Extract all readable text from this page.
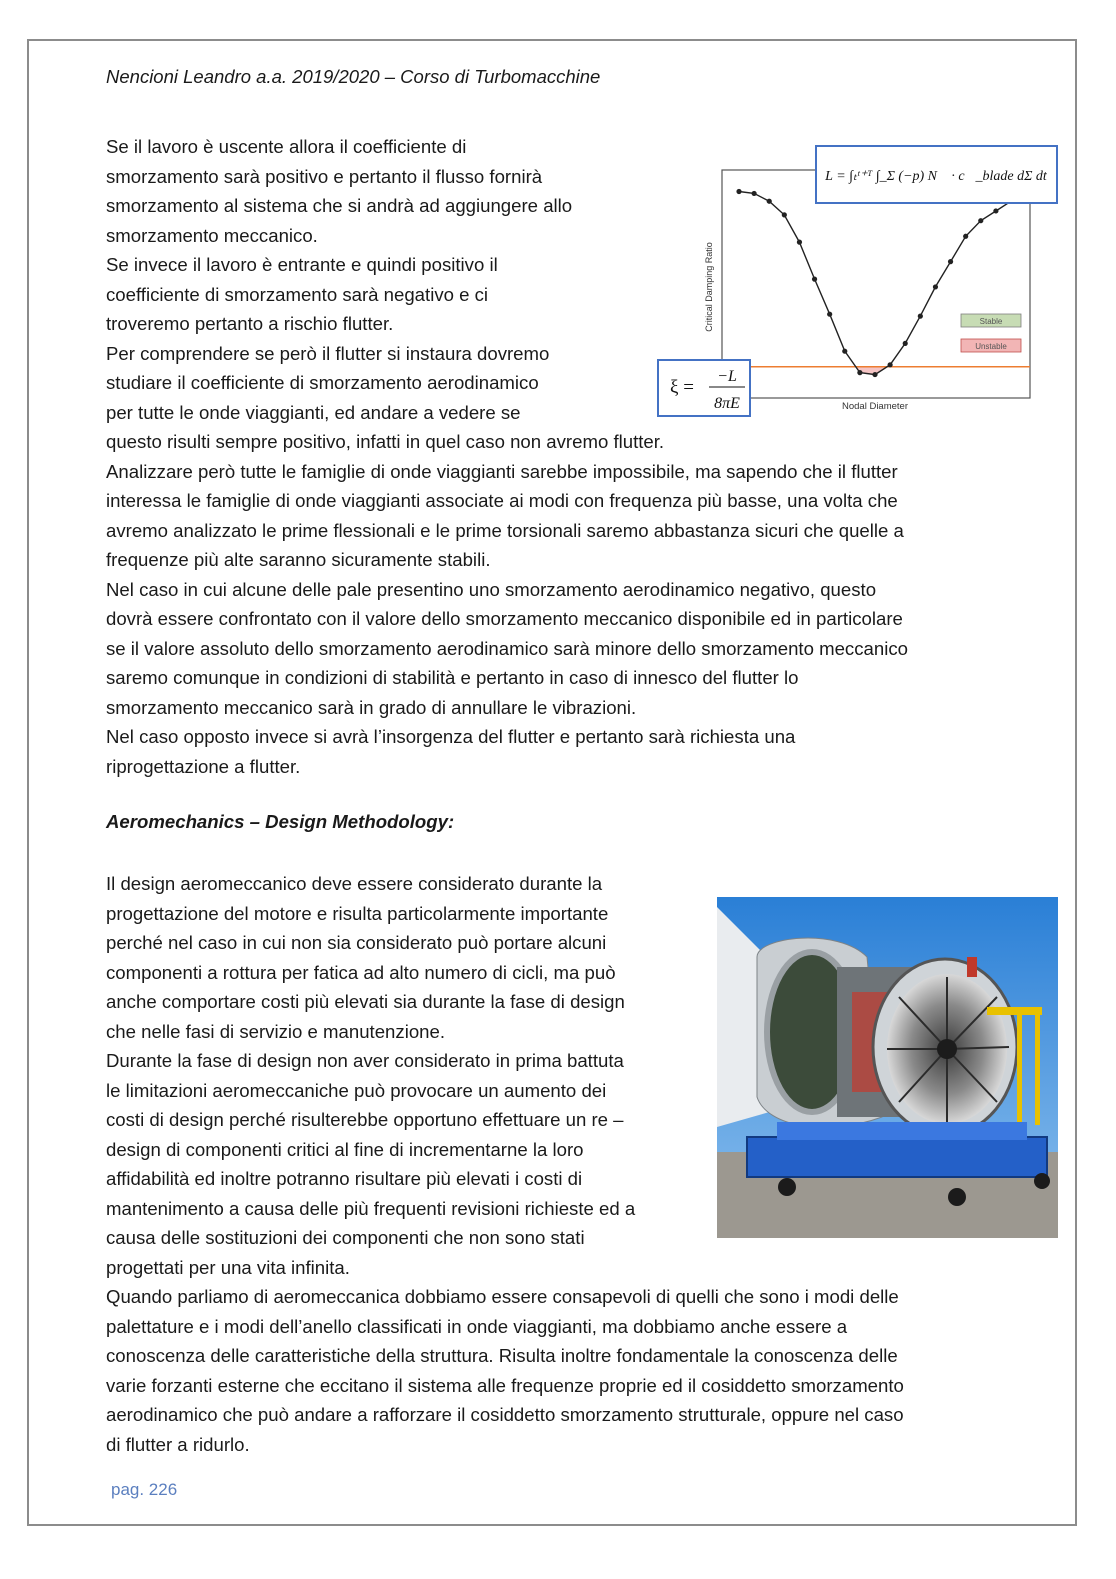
Nencioni Leandro a.a. 2019/2020 – Corso di Turbomacchine

Se il lavoro è uscente allora il coefficiente di
smorzamento sarà positivo e pertanto il flusso fornirà
smorzamento al sistema che si andrà ad aggiungere allo
smorzamento meccanico.
Se invece il lavoro è entrante e quindi positivo il
coefficiente di smorzamento sarà negativo e ci
troveremo pertanto a rischio flutter.
Per comprendere se però il flutter si instaura dovremo
studiare il coefficiente di smorzamento aerodinamico
per tutte le onde viaggianti, ed andare a vedere se

questo risulti sempre positivo, infatti in quel caso non avremo flutter.
Analizzare però tutte le famiglie di onde viaggianti sarebbe impossibile, ma sapendo che il flutter
interessa le famiglie di onde viaggianti associate ai modi con frequenza più basse, una volta che
avremo analizzato le prime flessionali e le prime torsionali saremo abbastanza sicuri che quelle a
frequenze più alte saranno sicuramente stabili.
Nel caso in cui alcune delle pale presentino uno smorzamento aerodinamico negativo, questo
dovrà essere confrontato con il valore dello smorzamento meccanico disponibile ed in particolare
se il valore assoluto dello smorzamento aerodinamico sarà minore dello smorzamento meccanico
saremo comunque in condizioni di stabilità e pertanto in caso di innesco del flutter lo
smorzamento meccanico sarà in grado di annullare le vibrazioni.
Nel caso opposto invece si avrà l’insorgenza del flutter e pertanto sarà richiesta una
riprogettazione a flutter.

Aeromechanics – Design Methodology:

Il design aeromeccanico deve essere considerato durante la
progettazione del motore e risulta particolarmente importante
perché nel caso in cui non sia considerato può portare alcuni
componenti a rottura per fatica ad alto numero di cicli, ma può
anche comportare costi più elevati sia durante la fase di design
che nelle fasi di servizio e manutenzione.
Durante la fase di design non aver considerato in prima battuta
le limitazioni aeromeccaniche può provocare un aumento dei
costi di design perché risulterebbe opportuno effettuare un re –
design di componenti critici al fine di incrementarne la loro
affidabilità ed inoltre potranno risultare più elevati i costi di
mantenimento a causa delle più frequenti revisioni richieste ed a
causa delle sostituzioni dei componenti che non sono stati
progettati per una vita infinita.

Quando parliamo di aeromeccanica dobbiamo essere consapevoli di quelli che sono i modi delle
palettature e i modi dell’anello classificati in onde viaggianti, ma dobbiamo anche essere a
conoscenza delle caratteristiche della struttura. Risulta inoltre fondamentale la conoscenza delle
varie forzanti esterne che eccitano il sistema alle frequenze proprie ed il cosiddetto smorzamento
aerodinamico che può andare a rafforzare il cosiddetto smorzamento strutturale, oppure nel caso
di flutter a ridurlo.

Critical Damping Ratio
Nodal Diameter
Stable
Unstable
L = ∫ₜᵗ⁺ᵀ ∫_Σ (−p) N⃗ · c⃗_blade dΣ dt
ξ =
−L
8πE
pag. 226
